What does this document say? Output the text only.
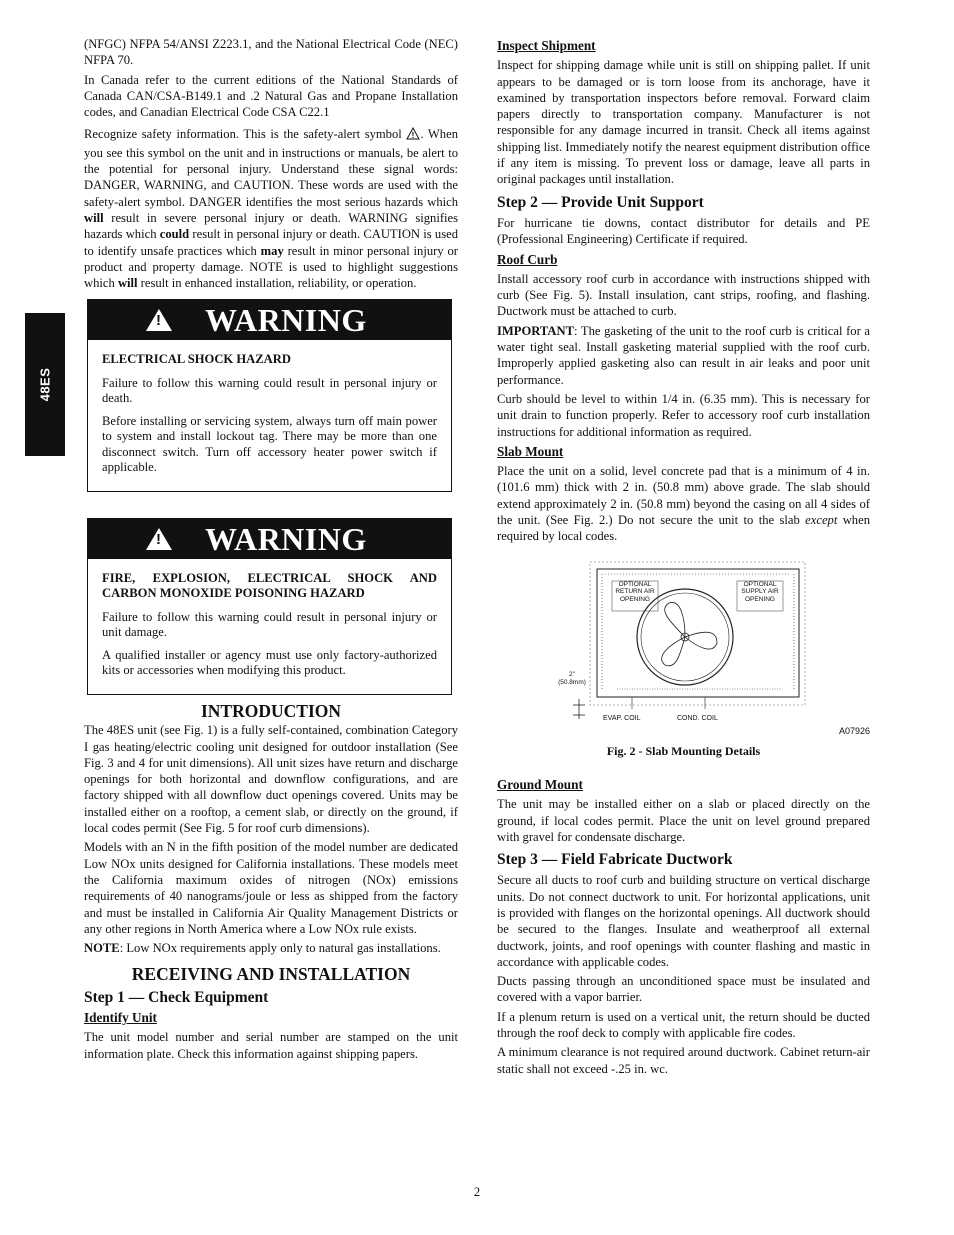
48ES

(NFGC) NFPA 54/ANSI Z223.1, and the National Electrical Code (NEC) NFPA 70.

In Canada refer to the current editions of the National Standards of Canada CAN/CSA-B149.1 and .2 Natural Gas and Propane Installation codes, and Canadian Electrical Code CSA C22.1

Recognize safety information. This is the safety-alert symbol ! . When you see this symbol on the unit and in instructions or manuals, be alert to the potential for personal injury. Understand these signal words: DANGER, WARNING, and CAUTION. These words are used with the safety-alert symbol. DANGER identifies the most serious hazards which will result in severe personal injury or death. WARNING signifies hazards which could result in personal injury or death. CAUTION is used to identify unsafe practices which may result in minor personal injury or product and property damage. NOTE is used to highlight suggestions which will result in enhanced installation, reliability, or operation.

!
WARNING
ELECTRICAL SHOCK HAZARD

Failure to follow this warning could result in personal injury or death.

Before installing or servicing system, always turn off main power to system and install lockout tag. There may be more than one disconnect switch. Turn off accessory heater power switch if applicable.

!
WARNING
FIRE, EXPLOSION, ELECTRICAL SHOCK AND CARBON MONOXIDE POISONING HAZARD

Failure to follow this warning could result in personal injury or unit damage.

A qualified installer or agency must use only factory-authorized kits or accessories when modifying this product.

INTRODUCTION

The 48ES unit (see Fig. 1) is a fully self-contained, combination Category I gas heating/electric cooling unit designed for outdoor installation (See Fig. 3 and 4 for unit dimensions). All unit sizes have return and discharge openings for both horizontal and downflow configurations, and are factory shipped with all downflow duct openings covered. Units may be installed either on a rooftop, a cement slab, or directly on the ground, if local codes permit (See Fig. 5 for roof curb dimensions).

Models with an N in the fifth position of the model number are dedicated Low NOx units designed for California installations. These models meet the California maximum oxides of nitrogen (NOx) emissions requirements of 40 nanograms/joule or less as shipped from the factory and must be installed in California Air Quality Management Districts or any other regions in North America where a Low NOx rule exists.

NOTE: Low NOx requirements apply only to natural gas installations.

RECEIVING AND INSTALLATION
Step 1 — Check Equipment
Identify Unit

The unit model number and serial number are stamped on the unit information plate. Check this information against shipping papers.

Inspect Shipment

Inspect for shipping damage while unit is still on shipping pallet. If unit appears to be damaged or is torn loose from its anchorage, have it examined by transportation inspectors before removal. Forward claim papers directly to transportation company. Manufacturer is not responsible for any damage incurred in transit. Check all items against shipping list. Immediately notify the nearest equipment distribution office if any item is missing. To prevent loss or damage, leave all parts in original packages until installation.

Step 2 — Provide Unit Support

For hurricane tie downs, contact distributor for details and PE (Professional Engineering) Certificate if required.

Roof Curb

Install accessory roof curb in accordance with instructions shipped with curb (See Fig. 5). Install insulation, cant strips, roofing, and flashing. Ductwork must be attached to curb.

IMPORTANT: The gasketing of the unit to the roof curb is critical for a water tight seal. Install gasketing material supplied with the roof curb. Improperly applied gasketing also can result in air leaks and poor unit performance.

Curb should be level to within 1/4 in. (6.35 mm). This is necessary for unit drain to function properly. Refer to accessory roof curb installation instructions for additional information as required.

Slab Mount

Place the unit on a solid, level concrete pad that is a minimum of 4 in. (101.6 mm) thick with 2 in. (50.8 mm) above grade. The slab should extend approximately 2 in. (50.8 mm) beyond the casing on all 4 sides of the unit. (See Fig. 2.) Do not secure the unit to the slab except when required by local codes.

OPTIONAL RETURN AIR OPENING
OPTIONAL SUPPLY AIR OPENING
2" (50.8mm)
EVAP. COIL	COND. COIL
A07926
Fig. 2 - Slab Mounting Details
Ground Mount

The unit may be installed either on a slab or placed directly on the ground, if local codes permit. Place the unit on level ground prepared with gravel for condensate discharge.

Step 3 — Field Fabricate Ductwork

Secure all ducts to roof curb and building structure on vertical discharge units. Do not connect ductwork to unit. For horizontal applications, unit is provided with flanges on the horizontal openings. All ductwork should be secured to the flanges. Insulate and weatherproof all external ductwork, joints, and roof openings with counter flashing and mastic in accordance with applicable codes.

Ducts passing through an unconditioned space must be insulated and covered with a vapor barrier.

If a plenum return is used on a vertical unit, the return should be ducted through the roof deck to comply with applicable fire codes.

A minimum clearance is not required around ductwork. Cabinet return-air static shall not exceed -.25 in. wc.

2
